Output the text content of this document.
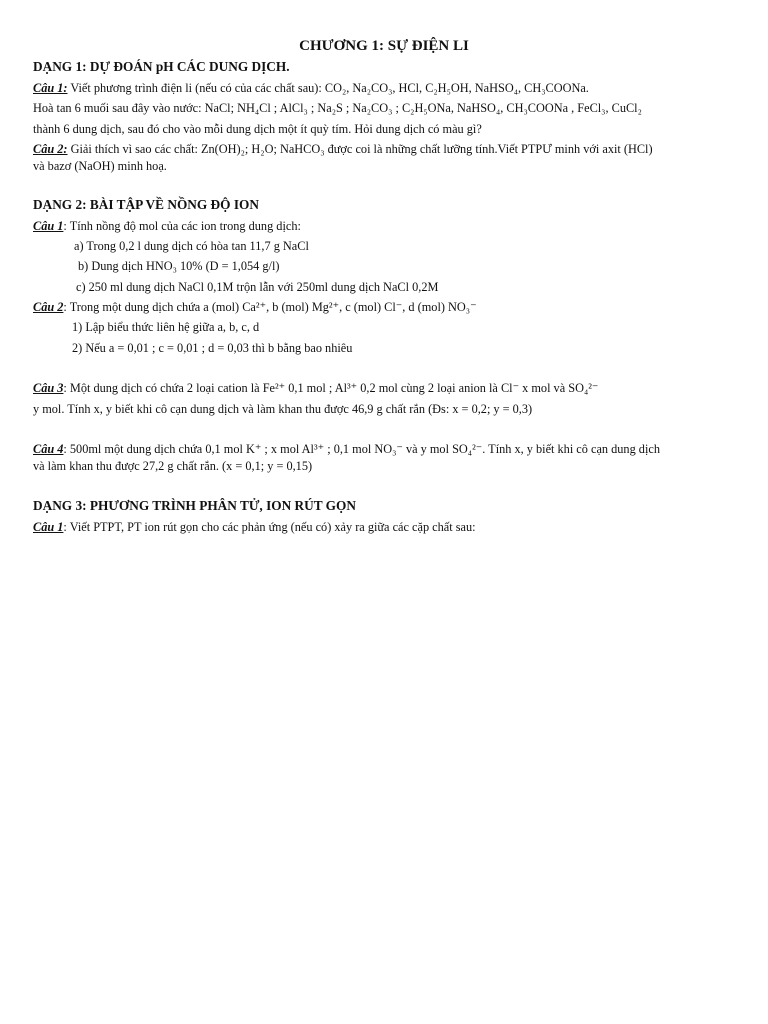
CHƯƠNG 1: SỰ ĐIỆN LI
DẠNG 1: DỰ ĐOÁN pH CÁC DUNG DỊCH.
Câu 1: Viết phương trình điện li (nếu có của các chất sau): CO₂, Na₂CO₃, HCl, C₂H₅OH, NaHSO₄, CH₃COONa.
Hoà tan 6 muối sau đây vào nước: NaCl; NH₄Cl ; AlCl₃ ; Na₂S ; Na₂CO₃ ; C₂H₅ONa, NaHSO₄, CH₃COONa , FeCl₃, CuCl₂
thành 6 dung dịch, sau đó cho vào mỗi dung dịch một ít quỳ tím. Hỏi dung dịch có màu gì?
Câu 2: Giải thích vì sao các chất: Zn(OH)₂; H₂O; NaHCO₃ được coi là những chất lưỡng tính.Viết PTPƯ minh với axit (HCl)
và bazơ (NaOH) minh hoạ.
DẠNG 2: BÀI TẬP VỀ NỒNG ĐỘ ION
Câu 1: Tính nồng độ mol của các ion trong dung dịch:
a) Trong 0,2 l dung dịch có hòa tan 11,7 g NaCl
b) Dung dịch HNO₃ 10% (D = 1,054 g/l)
c) 250 ml dung dịch NaCl 0,1M trộn lẫn với 250ml dung dịch NaCl 0,2M
Câu 2: Trong một dung dịch chứa a (mol) Ca²⁺, b (mol) Mg²⁺, c (mol) Cl⁻, d (mol) NO₃⁻
1) Lập biểu thức liên hệ giữa a, b, c, d
2) Nếu a = 0,01 ; c = 0,01 ; d = 0,03 thì b bằng bao nhiêu
Câu 3: Một dung dịch có chứa 2 loại cation là Fe²⁺ 0,1 mol ; Al³⁺ 0,2 mol cùng 2 loại anion là Cl⁻ x mol và SO₄²⁻
y mol. Tính x, y biết khi cô cạn dung dịch và làm khan thu được 46,9 g chất rắn (Đs: x = 0,2; y = 0,3)
Câu 4: 500ml một dung dịch chứa 0,1 mol K⁺ ; x mol Al³⁺ ; 0,1 mol NO₃⁻ và y mol SO₄²⁻. Tính x, y biết khi cô cạn dung dịch
và làm khan thu được 27,2 g chất rắn. (x = 0,1; y = 0,15)
DẠNG 3: PHƯƠNG TRÌNH PHÂN TỬ, ION RÚT GỌN
Câu 1: Viết PTPT, PT ion rút gọn cho các phản ứng (nếu có) xảy ra giữa các cặp chất sau:
